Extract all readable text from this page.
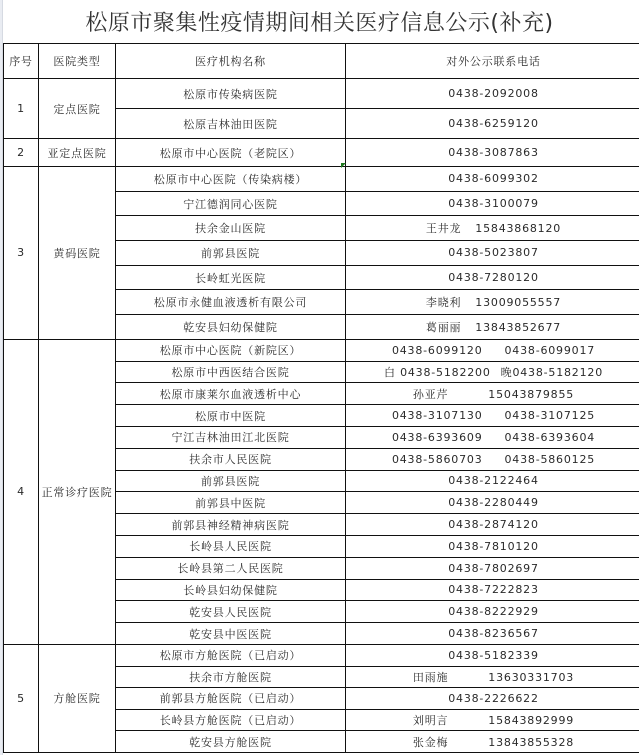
松原市聚集性疫情期间相关医疗信息公示(补充)
序号	医院类型	医疗机构名称	对外公示联系电话
1	定点医院	松原市传染病医院	0438-2092008
		松原吉林油田医院	0438-6259120
2	亚定点医院	松原市中心医院（老院区）	0438-3087863
3	黄码医院	松原市中心医院（传染病楼）	0438-6099302
		宁江德润同心医院	0438-3100079
		扶余金山医院	王井龙 15843868120
		前郭县医院	0438-5023807
		长岭虹光医院	0438-7280120
		松原市永健血液透析有限公司	李晓利 13009055557
		乾安县妇幼保健院	葛丽丽 13843852677
4	正常诊疗医院	松原市中心医院（新院区）	0438-6099120 0438-6099017
		松原市中西医结合医院	白 0438-5182200 晚0438-5182120
		松原市康莱尔血液透析中心	孙亚芹 15043879855
		松原市中医院	0438-3107130 0438-3107125
		宁江吉林油田江北医院	0438-6393609 0438-6393604
		扶余市人民医院	0438-5860703 0438-5860125
		前郭县医院	0438-2122464
		前郭县中医院	0438-2280449
		前郭县神经精神病医院	0438-2874120
		长岭县人民医院	0438-7810120
		长岭县第二人民医院	0438-7802697
		长岭县妇幼保健院	0438-7222823
		乾安县人民医院	0438-8222929
		乾安县中医医院	0438-8236567
5	方舱医院	松原市方舱医院（已启动）	0438-5182339
		扶余市方舱医院	田雨施 13630331703
		前郭县方舱医院（已启动）	0438-2226622
		长岭县方舱医院（已启动）	刘明言 15843892999
		乾安县方舱医院	张金梅 13843855328
